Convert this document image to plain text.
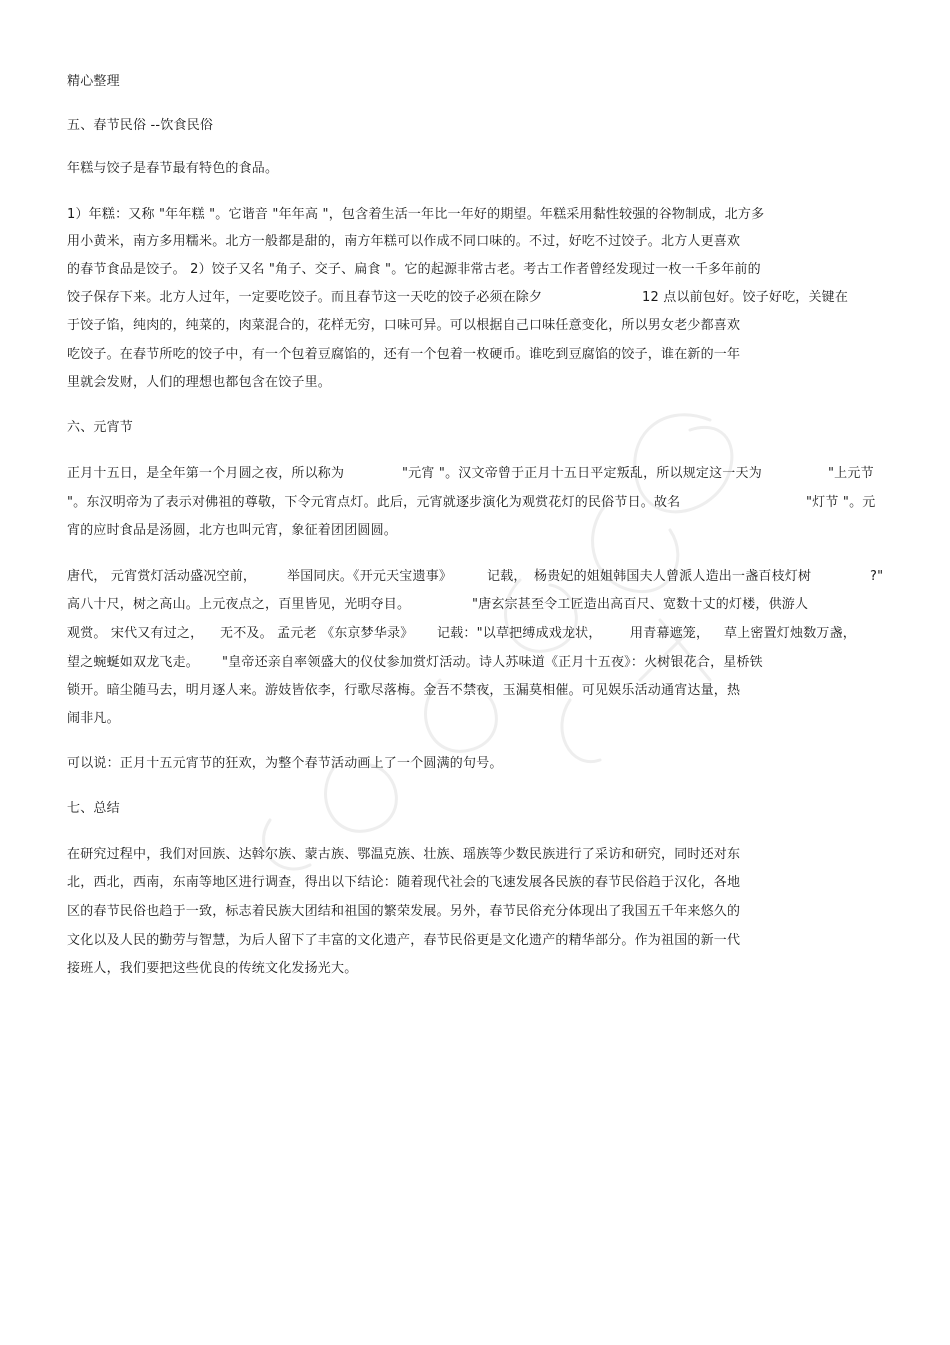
精心整理
五、春节民俗 --饮食民俗
年糕与饺子是春节最有特色的食品。
1）年糕：又称 "年年糕 "。它谐音 "年年高 "，包含着生活一年比一年好的期望。年糕采用黏性较强的谷物制成，北方多
用小黄米，南方多用糯米。北方一般都是甜的，南方年糕可以作成不同口味的。不过，好吃不过饺子。北方人更喜欢
的春节食品是饺子。 2）饺子又名 "角子、交子、扁食 "。它的起源非常古老。考古工作者曾经发现过一枚一千多年前的
饺子保存下来。北方人过年，一定要吃饺子。而且春节这一天吃的饺子必须在除夕	12 点以前包好。饺子好吃，关键在
于饺子馅，纯肉的，纯菜的，肉菜混合的，花样无穷，口味可异。可以根据自己口味任意变化，所以男女老少都喜欢
吃饺子。在春节所吃的饺子中，有一个包着豆腐馅的，还有一个包着一枚硬币。谁吃到豆腐馅的饺子，谁在新的一年
里就会发财，人们的理想也都包含在饺子里。
六、元宵节
正月十五日，是全年第一个月圆之夜，所以称为	"元宵 "。汉文帝曾于正月十五日平定叛乱，所以规定这一天为	"上元节
"。东汉明帝为了表示对佛祖的尊敬，下令元宵点灯。此后，元宵就逐步演化为观赏花灯的民俗节日。故名	"灯节 "。元
宵的应时食品是汤圆，北方也叫元宵，象征着团团圆圆。
唐代， 元宵赏灯活动盛况空前， 举国同庆。《开元天宝遗事》	记载， 杨贵妃的姐姐韩国夫人曾派人造出一盏百枝灯树	?"
高八十尺，树之高山。上元夜点之，百里皆见，光明夺目。	"唐玄宗甚至令工匠造出高百尺、宽数十丈的灯楼，供游人
观赏。 宋代又有过之， 无不及。 孟元老 《东京梦华录》 记载："以草把缚成戏龙状， 用青幕遮笼， 草上密置灯烛数万盏，
望之蜿蜒如双龙飞走。 "皇帝还亲自率领盛大的仪仗参加赏灯活动。诗人苏味道《正月十五夜》：火树银花合，星桥铁
锁开。暗尘随马去，明月逐人来。游妓皆依李，行歌尽落梅。金吾不禁夜，玉漏莫相催。可见娱乐活动通宵达量，热
闹非凡。
可以说：正月十五元宵节的狂欢，为整个春节活动画上了一个圆满的句号。
七、总结
在研究过程中，我们对回族、达斡尔族、蒙古族、鄂温克族、壮族、瑶族等少数民族进行了采访和研究，同时还对东
北，西北，西南，东南等地区进行调查，得出以下结论：随着现代社会的飞速发展各民族的春节民俗趋于汉化，各地
区的春节民俗也趋于一致，标志着民族大团结和祖国的繁荣发展。另外，春节民俗充分体现出了我国五千年来悠久的
文化以及人民的勤劳与智慧，为后人留下了丰富的文化遗产，春节民俗更是文化遗产的精华部分。作为祖国的新一代
接班人，我们要把这些优良的传统文化发扬光大。
